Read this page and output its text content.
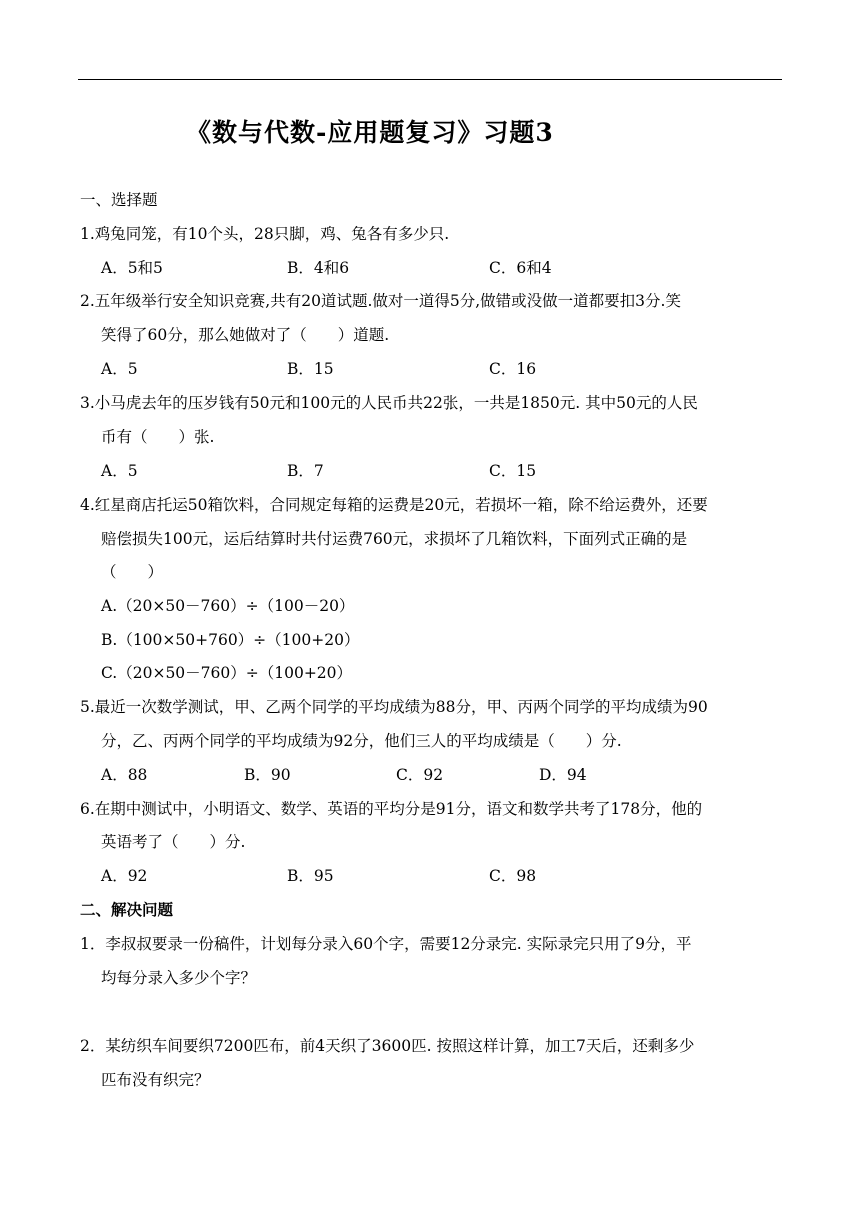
《数与代数-应用题复习》习题3
一、选择题
1.鸡兔同笼，有10个头，28只脚，鸡、兔各有多少只.
A．5和5	B．4和6	C．6和4
2.五年级举行安全知识竞赛,共有20道试题.做对一道得5分,做错或没做一道都要扣3分.笑
笑得了60分，那么她做对了（　　）道题.
A．5	B．15	C．16
3.小马虎去年的压岁钱有50元和100元的人民币共22张，一共是1850元. 其中50元的人民
币有（　　）张.
A．5	B．7	C．15
4.红星商店托运50箱饮料，合同规定每箱的运费是20元，若损坏一箱，除不给运费外，还要
赔偿损失100元，运后结算时共付运费760元，求损坏了几箱饮料，下面列式正确的是
（　　）
A.（20×50－760）÷（100－20）
B.（100×50+760）÷（100+20）
C.（20×50－760）÷（100+20）
5.最近一次数学测试，甲、乙两个同学的平均成绩为88分，甲、丙两个同学的平均成绩为90
分，乙、丙两个同学的平均成绩为92分，他们三人的平均成绩是（　　）分.
A．88	B．90	C．92	D．94
6.在期中测试中，小明语文、数学、英语的平均分是91分，语文和数学共考了178分，他的
英语考了（　　）分.
A．92	B．95	C．98
二、解决问题
1．李叔叔要录一份稿件，计划每分录入60个字，需要12分录完. 实际录完只用了9分，平
均每分录入多少个字？
2．某纺织车间要织7200匹布，前4天织了3600匹. 按照这样计算，加工7天后，还剩多少
匹布没有织完？
